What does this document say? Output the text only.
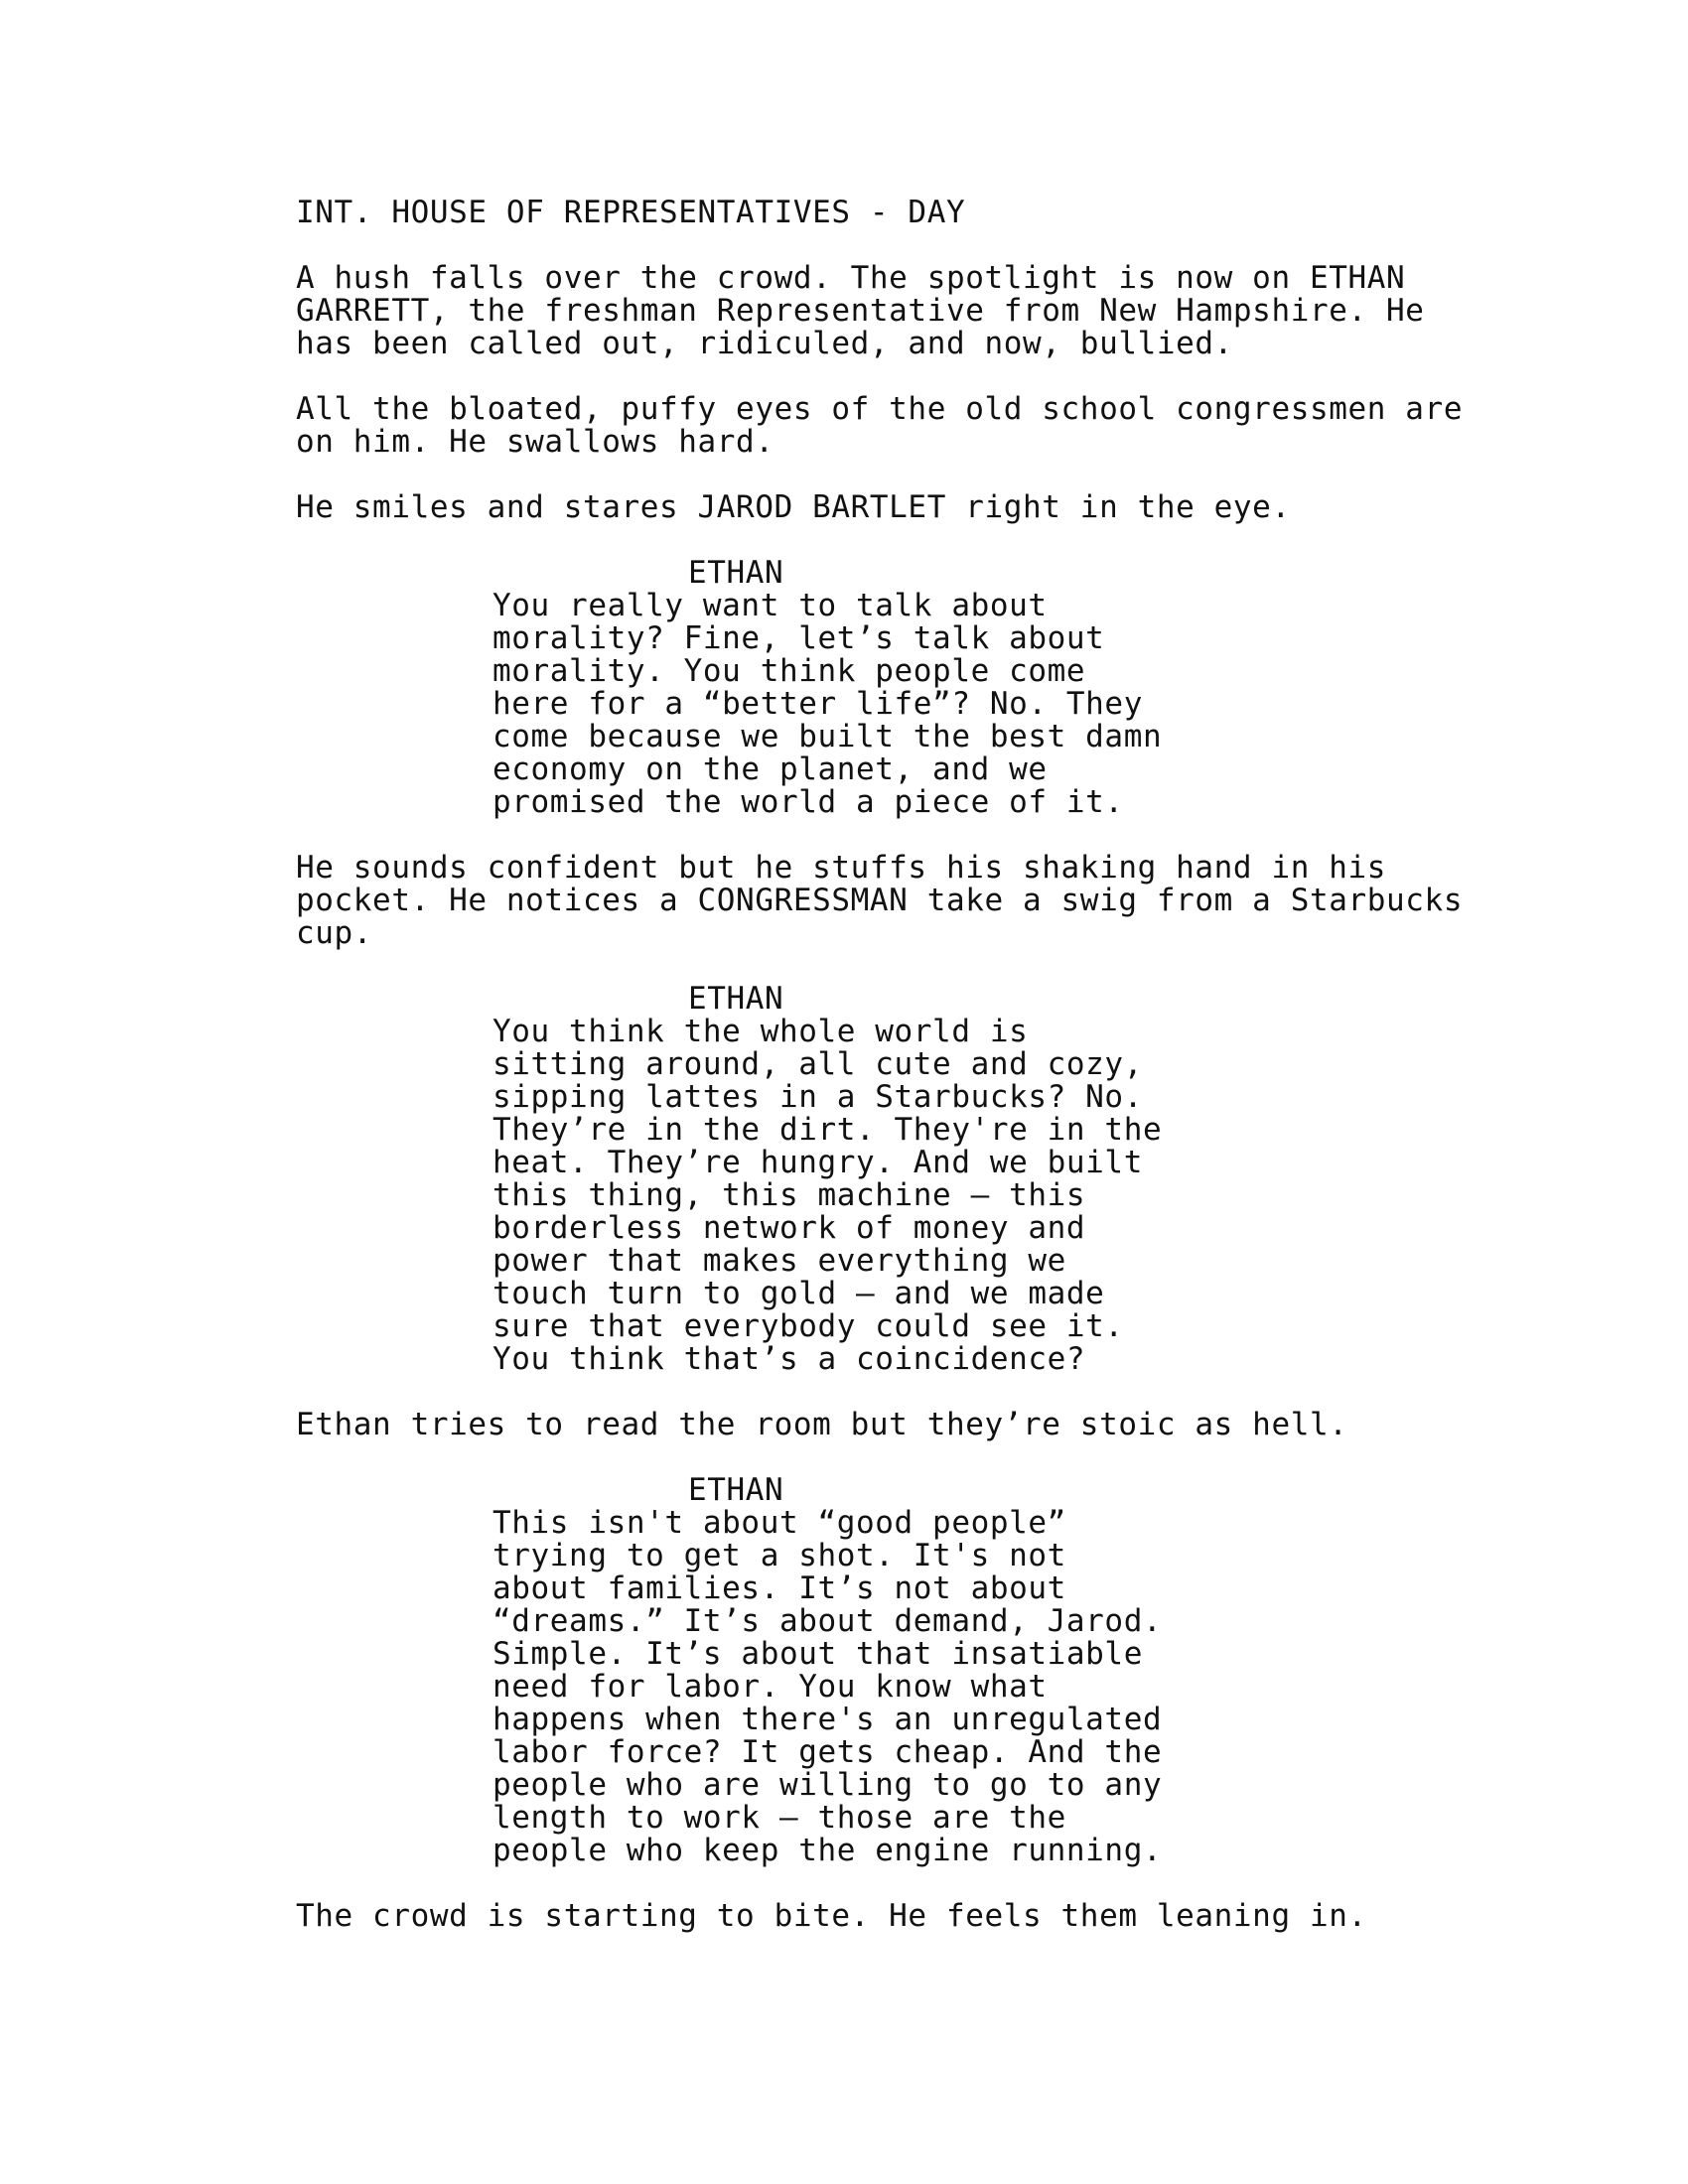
INT. HOUSE OF REPRESENTATIVES - DAY
A hush falls over the crowd. The spotlight is now on ETHAN
GARRETT, the freshman Representative from New Hampshire. He
has been called out, ridiculed, and now, bullied.
All the bloated, puffy eyes of the old school congressmen are
on him. He swallows hard.
He smiles and stares JAROD BARTLET right in the eye.
ETHAN
You really want to talk about
morality? Fine, let’s talk about
morality. You think people come
here for a “better life”? No. They
come because we built the best damn
economy on the planet, and we
promised the world a piece of it.
He sounds confident but he stuffs his shaking hand in his
pocket. He notices a CONGRESSMAN take a swig from a Starbucks
cup.
ETHAN
You think the whole world is
sitting around, all cute and cozy,
sipping lattes in a Starbucks? No.
They’re in the dirt. They're in the
heat. They’re hungry. And we built
this thing, this machine – this
borderless network of money and
power that makes everything we
touch turn to gold – and we made
sure that everybody could see it.
You think that’s a coincidence?
Ethan tries to read the room but they’re stoic as hell.
ETHAN
This isn't about “good people”
trying to get a shot. It's not
about families. It’s not about
“dreams.” It’s about demand, Jarod.
Simple. It’s about that insatiable
need for labor. You know what
happens when there's an unregulated
labor force? It gets cheap. And the
people who are willing to go to any
length to work – those are the
people who keep the engine running.
The crowd is starting to bite. He feels them leaning in.
